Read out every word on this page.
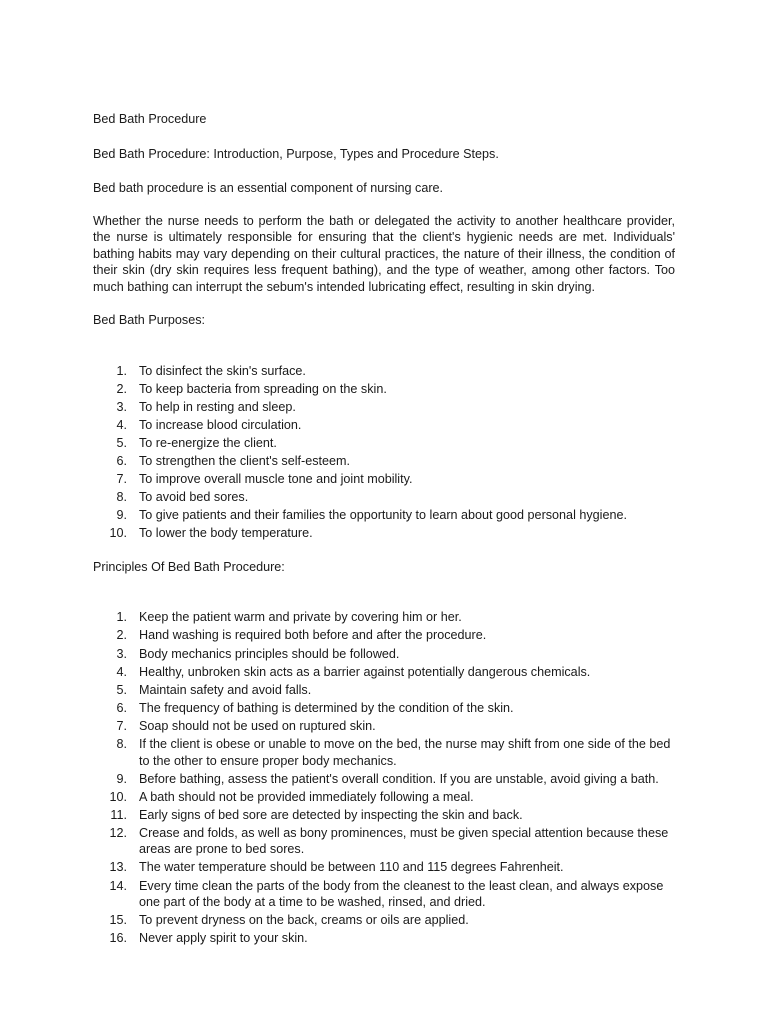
Bed Bath Procedure

Bed Bath Procedure: Introduction, Purpose, Types and Procedure Steps.

Bed bath procedure is an essential component of nursing care.

Whether the nurse needs to perform the bath or delegated the activity to another healthcare provider, the nurse is ultimately responsible for ensuring that the client's hygienic needs are met. Individuals' bathing habits may vary depending on their cultural practices, the nature of their illness, the condition of their skin (dry skin requires less frequent bathing), and the type of weather, among other factors. Too much bathing can interrupt the sebum's intended lubricating effect, resulting in skin drying.

Bed Bath Purposes:

1. To disinfect the skin's surface.
2. To keep bacteria from spreading on the skin.
3. To help in resting and sleep.
4. To increase blood circulation.
5. To re-energize the client.
6. To strengthen the client's self-esteem.
7. To improve overall muscle tone and joint mobility.
8. To avoid bed sores.
9. To give patients and their families the opportunity to learn about good personal hygiene.
10. To lower the body temperature.

Principles Of Bed Bath Procedure:

1. Keep the patient warm and private by covering him or her.
2. Hand washing is required both before and after the procedure.
3. Body mechanics principles should be followed.
4. Healthy, unbroken skin acts as a barrier against potentially dangerous chemicals.
5. Maintain safety and avoid falls.
6. The frequency of bathing is determined by the condition of the skin.
7. Soap should not be used on ruptured skin.
8. If the client is obese or unable to move on the bed, the nurse may shift from one side of the bed to the other to ensure proper body mechanics.
9. Before bathing, assess the patient's overall condition. If you are unstable, avoid giving a bath.
10. A bath should not be provided immediately following a meal.
11. Early signs of bed sore are detected by inspecting the skin and back.
12. Crease and folds, as well as bony prominences, must be given special attention because these areas are prone to bed sores.
13. The water temperature should be between 110 and 115 degrees Fahrenheit.
14. Every time clean the parts of the body from the cleanest to the least clean, and always expose one part of the body at a time to be washed, rinsed, and dried.
15. To prevent dryness on the back, creams or oils are applied.
16. Never apply spirit to your skin.
